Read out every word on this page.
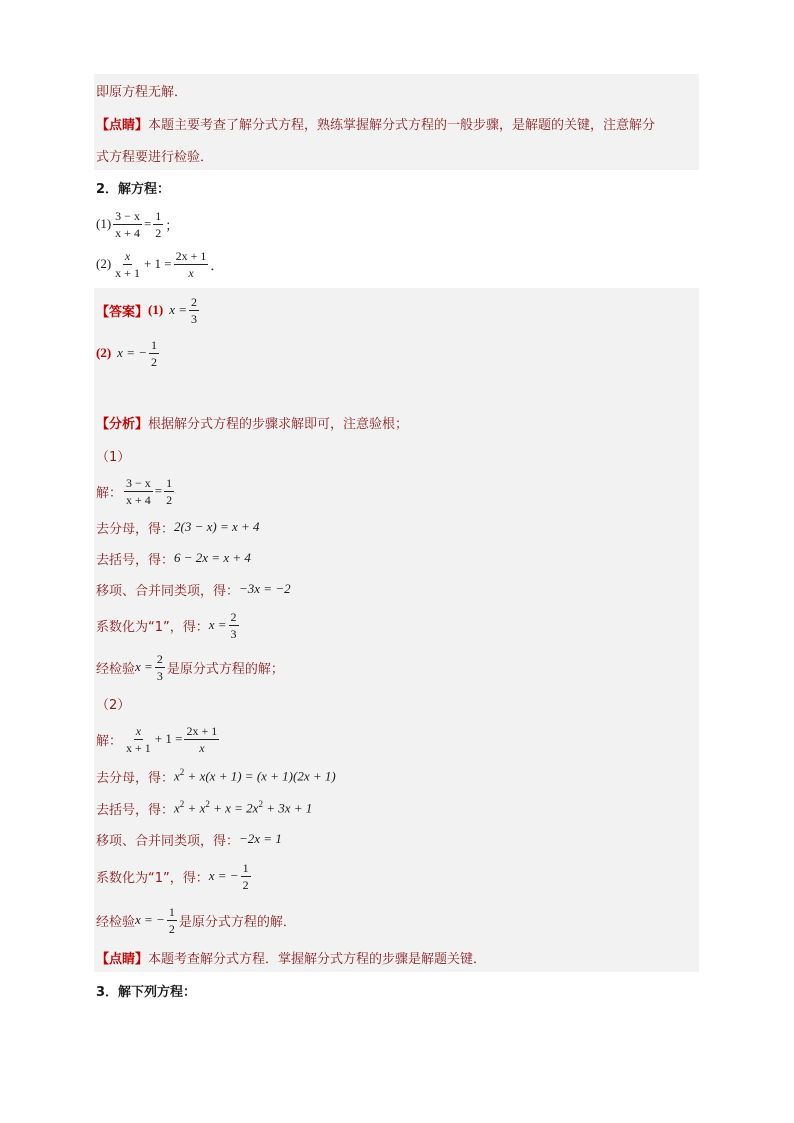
即原方程无解．
【点睛】 本题主要考查了解分式方程，熟练掌握解分式方程的一般步骤，是解题的关键，注意解分
式方程要进行检验．
2．解方程：
$(1) \frac{3 - x}{x + 4} = \frac{1}{2}$ ；
$(2) \frac{x}{x + 1} + 1 = \frac{2x + 1}{x}$ ．
【答案】 (1) $x = \frac{2}{3}$
(2) x = − $\frac{1}{2}$
【分析】 根据解分式方程的步骤求解即可，注意验根；
（1）
解： $\frac{3 - x}{x + 4} = \frac{1}{2}$
去分母，得： 2(3 − x) = x + 4
去括号，得： 6 − 2x = x + 4
移项、合并同类项，得： −3x = −2
系数化为“1”，得： $x = \frac{2}{3}$
经检验 $x = \frac{2}{3}$ 是原分式方程的解；
（2）
解： $\frac{x}{x + 1} + 1 = \frac{2x + 1}{x}$
去分母，得： $x^2 + x(x + 1) = (x + 1)(2x + 1)$
去括号，得： $x^2 + x^2 + x = 2x^2 + 3x + 1$
移项、合并同类项，得： −2x = 1
系数化为“1”，得： x = − $\frac{1}{2}$
经检验 x = − $\frac{1}{2}$ 是原分式方程的解．
【点睛】 本题考查解分式方程．掌握解分式方程的步骤是解题关键．
3．解下列方程：
